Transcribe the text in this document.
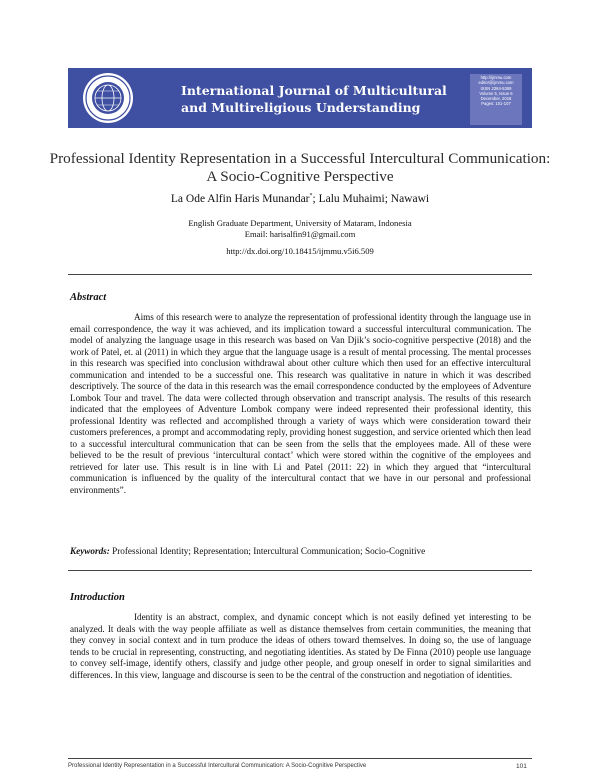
International Journal of Multicultural
and Multireligious Understanding
http://ijmmu.com
editor@ijmmu.com
ISSN 2364-5369
Volume 5, Issue 6
December, 2018
Pages: 101-107
Professional Identity Representation in a Successful Intercultural Communication:
A Socio-Cognitive Perspective
La Ode Alfin Haris Munandar*; Lalu Muhaimi; Nawawi
English Graduate Department, University of Mataram, Indonesia
Email: harisalfin91@gmail.com
http://dx.doi.org/10.18415/ijmmu.v5i6.509
Abstract

Aims of this research were to analyze the representation of professional identity through the language use in email correspondence, the way it was achieved, and its implication toward a successful intercultural communication. The model of analyzing the language usage in this research was based on Van Djik’s socio-cognitive perspective (2018) and the work of Patel, et. al (2011) in which they argue that the language usage is a result of mental processing. The mental processes in this research was specified into conclusion withdrawal about other culture which then used for an effective intercultural communication and intended to be a successful one. This research was qualitative in nature in which it was described descriptively. The source of the data in this research was the email correspondence conducted by the employees of Adventure Lombok Tour and travel. The data were collected through observation and transcript analysis. The results of this research indicated that the employees of Adventure Lombok company were indeed represented their professional identity, this professional Identity was reflected and accomplished through a variety of ways which were consideration toward their customers preferences, a prompt and accommodating reply, providing honest suggestion, and service oriented which then lead to a successful intercultural communication that can be seen from the sells that the employees made. All of these were believed to be the result of previous ‘intercultural contact’ which were stored within the cognitive of the employees and retrieved for later use. This result is in line with Li and Patel (2011: 22) in which they argued that “intercultural communication is influenced by the quality of the intercultural contact that we have in our personal and professional environments”.

Keywords: Professional Identity; Representation; Intercultural Communication; Socio-Cognitive
Introduction

Identity is an abstract, complex, and dynamic concept which is not easily defined yet interesting to be analyzed. It deals with the way people affiliate as well as distance themselves from certain communities, the meaning that they convey in social context and in turn produce the ideas of others toward themselves. In doing so, the use of language tends to be crucial in representing, constructing, and negotiating identities. As stated by De Finna (2010) people use language to convey self-image, identify others, classify and judge other people, and group oneself in order to signal similarities and differences. In this view, language and discourse is seen to be the central of the construction and negotiation of identities.

Professional Identity Representation in a Successful Intercultural Communication: A Socio-Cognitive Perspective	101
